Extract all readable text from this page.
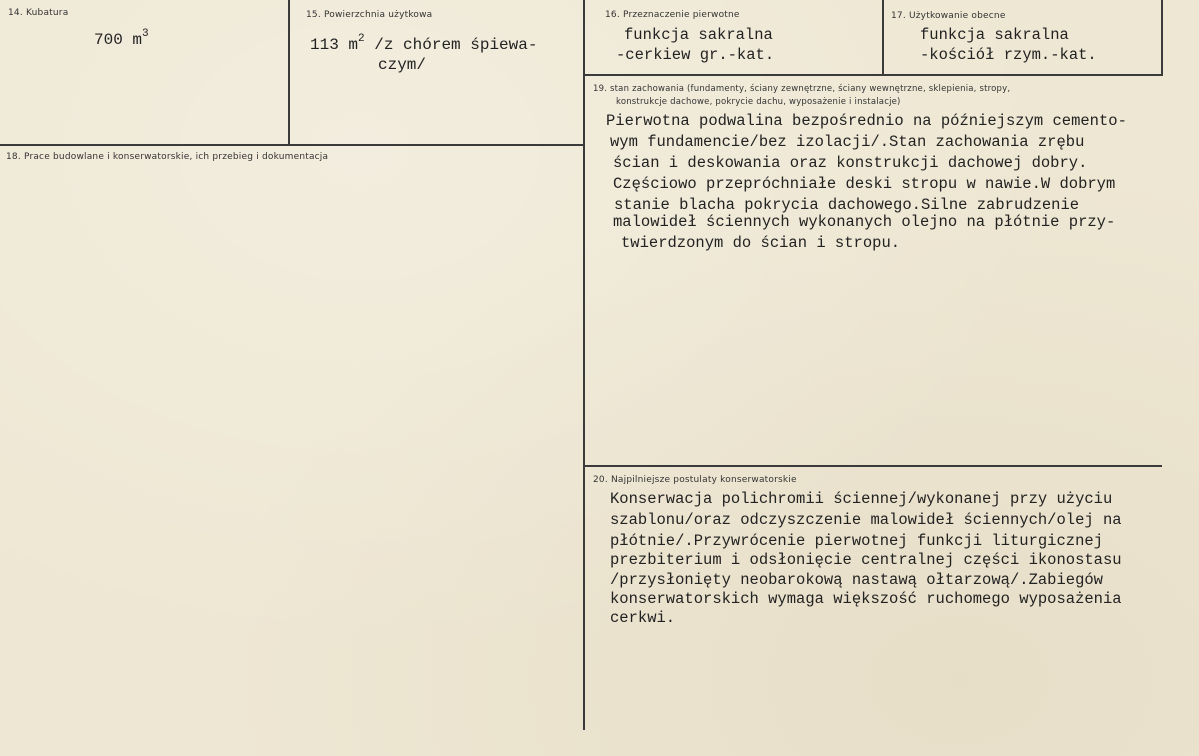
14. Kubatura
700 $m^3$
15. Powierzchnia użytkowa
113 $m^2$ /z chórem śpiewa-
czym/
16. Przeznaczenie pierwotne
funkcja sakralna
-cerkiew gr.-kat.
17. Użytkowanie obecne
funkcja sakralna
-kościół rzym.-kat.
18. Prace budowlane i konserwatorskie, ich przebieg i dokumentacja
19. stan zachowania (fundamenty, ściany zewnętrzne, ściany wewnętrzne, sklepienia, stropy,
konstrukcje dachowe, pokrycie dachu, wyposażenie i instalacje)
Pierwotna podwalina bezpośrednio na późniejszym cemento-
wym fundamencie/bez izolacji/.Stan zachowania zrębu
ścian i deskowania oraz konstrukcji dachowej dobry.
Częściowo przepróchniałe deski stropu w nawie.W dobrym
stanie blacha pokrycia dachowego.Silne zabrudzenie
malowideł ściennych wykonanych olejno na płótnie przy-
twierdzonym do ścian i stropu.
20. Najpilniejsze postulaty konserwatorskie
Konserwacja polichromii ściennej/wykonanej przy użyciu
szablonu/oraz odczyszczenie malowideł ściennych/olej na
płótnie/.Przywrócenie pierwotnej funkcji liturgicznej
prezbiterium i odsłonięcie centralnej części ikonostasu
/przysłonięty neobarokową nastawą ołtarzową/.Zabiegów
konserwatorskich wymaga większość ruchomego wyposażenia
cerkwi.
